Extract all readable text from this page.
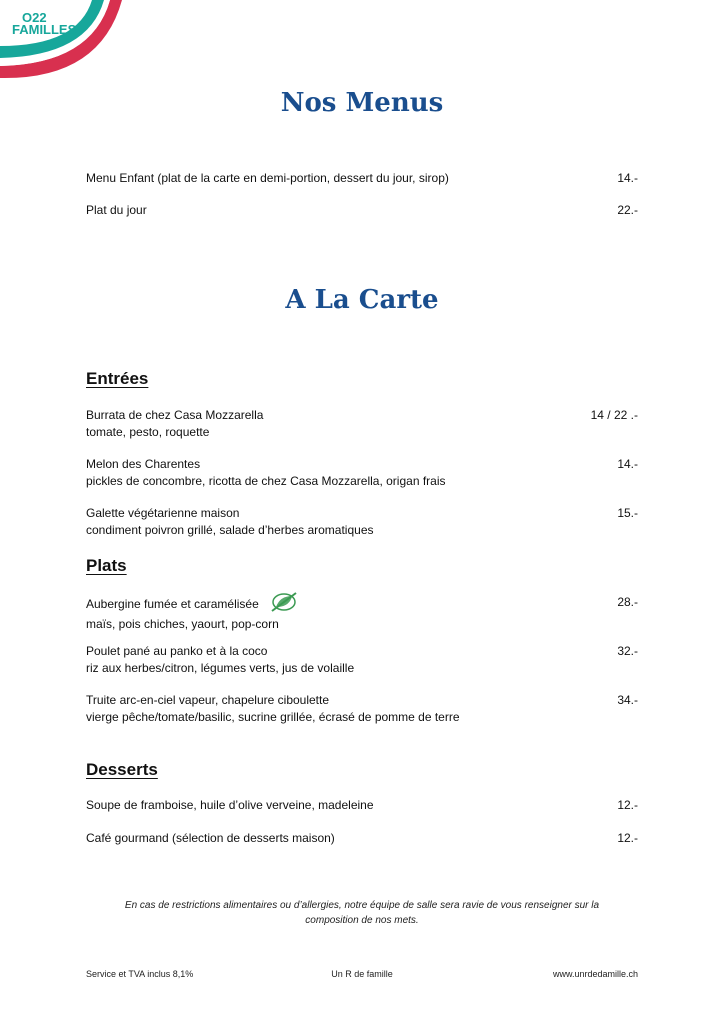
O22
FAMILLES
Nos Menus
Menu Enfant (plat de la carte en demi-portion, dessert du jour, sirop)	14.-
Plat du jour	22.-
A La Carte
Entrées
Burrata de chez Casa Mozzarella
tomate, pesto, roquette
14 / 22 .-
Melon des Charentes
pickles de concombre, ricotta de chez Casa Mozzarella, origan frais
14.-
Galette végétarienne maison
condiment poivron grillé, salade d’herbes aromatiques
15.-
Plats
Aubergine fumée et caramélisée
maïs, pois chiches, yaourt, pop-corn
28.-
Poulet pané au panko et à la coco
riz aux herbes/citron, légumes verts, jus de volaille
32.-
Truite arc-en-ciel vapeur, chapelure ciboulette
vierge pêche/tomate/basilic, sucrine grillée, écrasé de pomme de terre
34.-
Desserts
Soupe de framboise, huile d’olive verveine, madeleine	12.-
Café gourmand (sélection de desserts maison)	12.-
En cas de restrictions alimentaires ou d’allergies, notre équipe de salle sera ravie de vous renseigner sur la
composition de nos mets.
Service et TVA inclus 8,1%	Un R de famille	www.unrdedamille.ch
